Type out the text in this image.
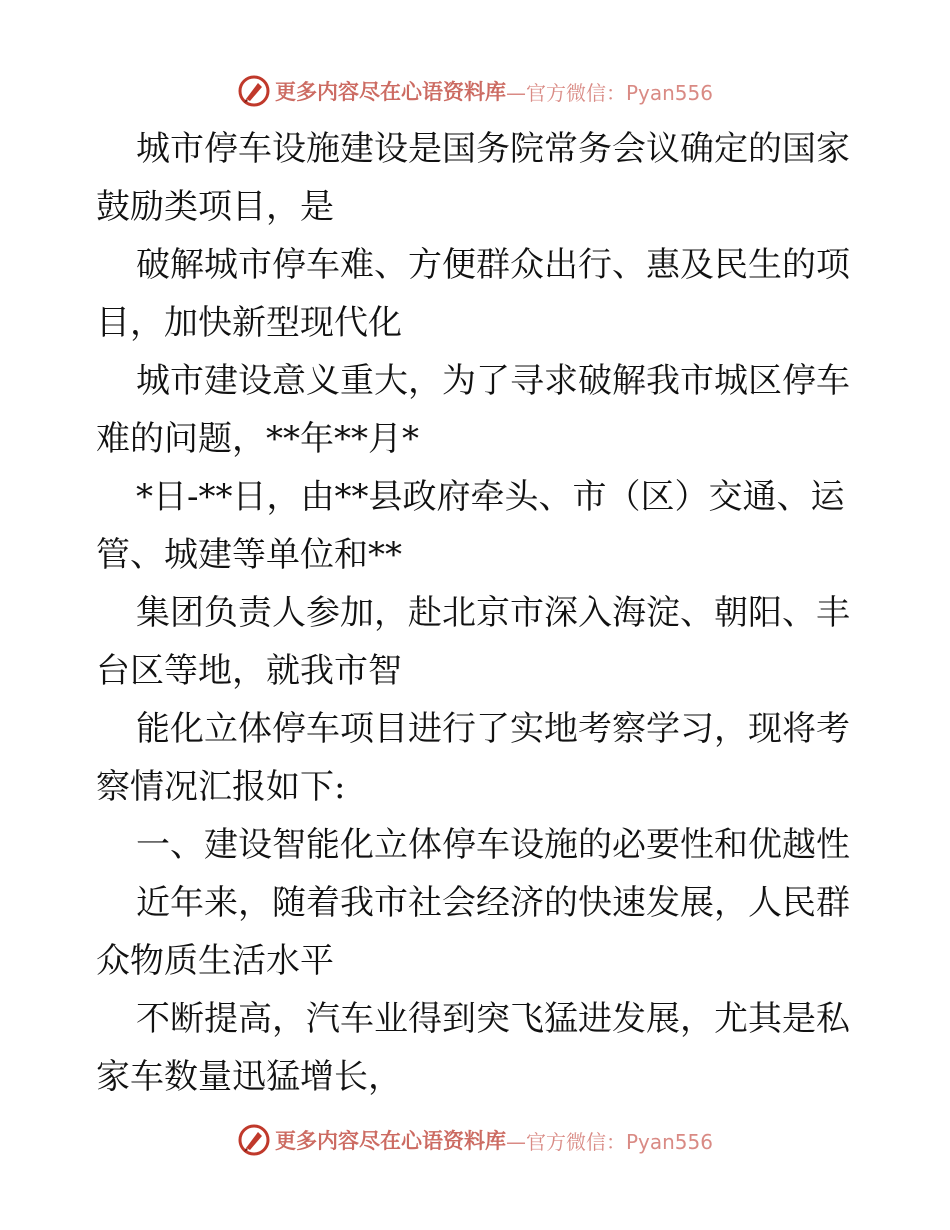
更多内容尽在心语资料库 —官方微信：Pyan556

城市停车设施建设是国务院常务会议确定的国家
鼓励类项目，是

破解城市停车难、方便群众出行、惠及民生的项
目，加快新型现代化

城市建设意义重大，为了寻求破解我市城区停车
难的问题，**年**月*

*日-**日，由**县政府牵头、市（区）交通、运
管、城建等单位和**

集团负责人参加，赴北京市深入海淀、朝阳、丰
台区等地，就我市智

能化立体停车项目进行了实地考察学习，现将考
察情况汇报如下:

一、建设智能化立体停车设施的必要性和优越性

近年来，随着我市社会经济的快速发展，人民群
众物质生活水平

不断提高，汽车业得到突飞猛进发展，尤其是私
家车数量迅猛增长，

更多内容尽在心语资料库 —官方微信：Pyan556
